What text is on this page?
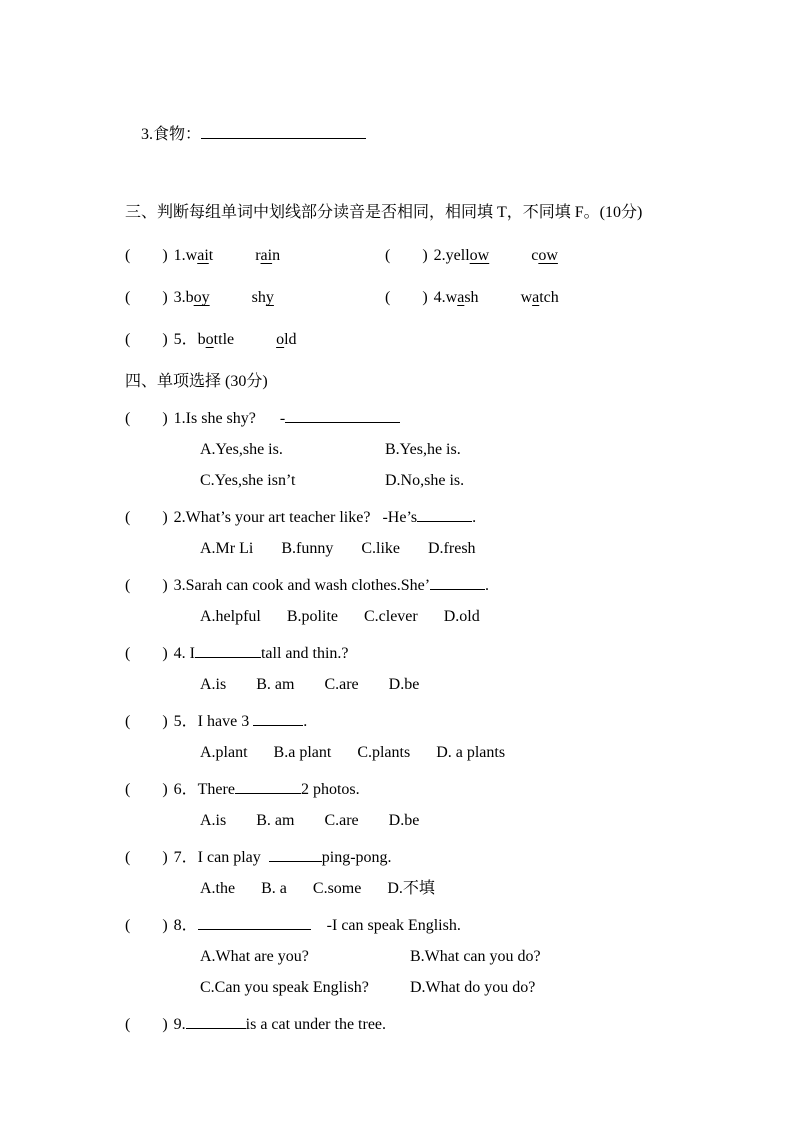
3.食物：

三、判断每组单词中划线部分读音是否相同，相同填 T，不同填 F。(10分)
(        ) 1.wait	rain	(        ) 2.yellow	cow
(        ) 3.boy	shy	(        ) 4.wash	watch
(        ) 5．bottle	old
四、单项选择 (30分)
(        ) 1.Is she shy?      -
A.Yes,she is.	B.Yes,he is.
C.Yes,she isn’t	D.No,she is.
(        ) 2.What’s your art teacher like?   -He’s	.
A.Mr Li B.funny C.like D.fresh
(        ) 3.Sarah can cook and wash clothes.She’	.
A.helpful B.polite C.clever D.old
(        ) 4. I	tall and thin.?
A.is B. am C.are D.be
(        ) 5．I have 3	.
A.plant B.a plant C.plants D. a plants
(        ) 6．There	2 photos.
A.is B. am C.are D.be
(        ) 7．I can play	ping-pong.
A.the B. a C.some D.不填
(        ) 8．	-I can speak English.
A.What are you?	B.What can you do?
C.Can you speak English?	D.What do you do?
(        ) 9.	is a cat under the tree.
